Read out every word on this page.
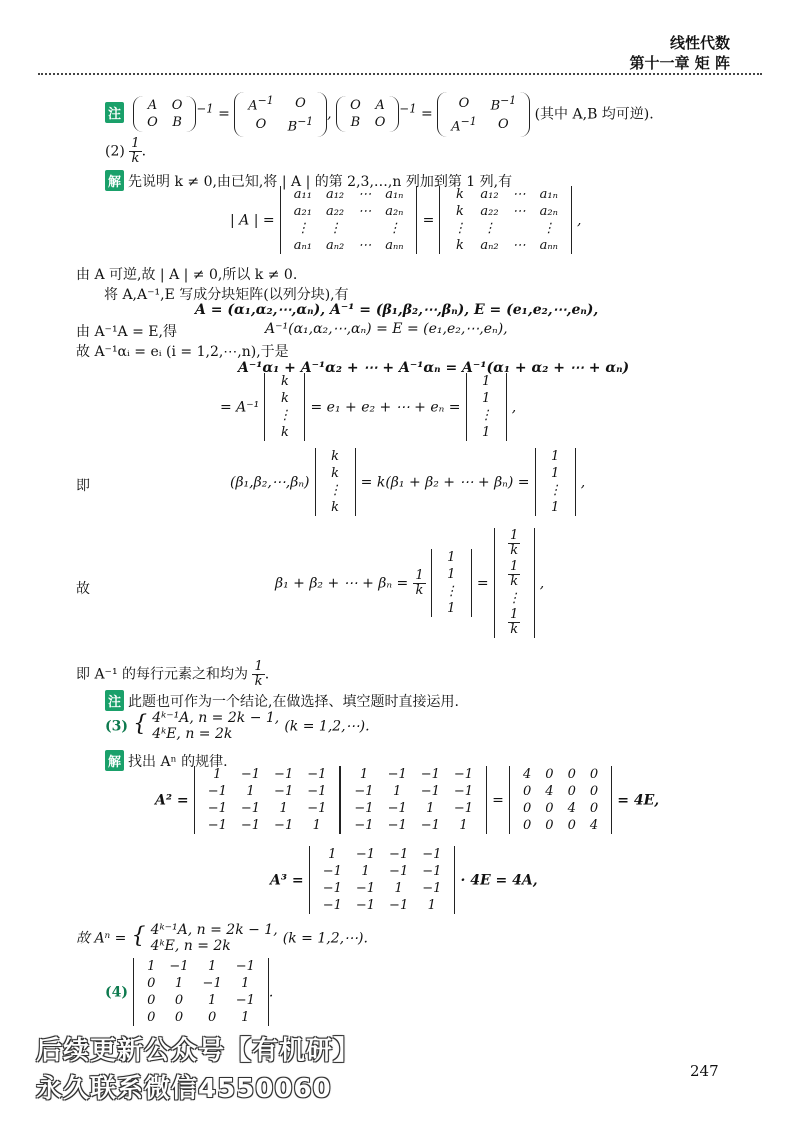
线性代数
第十一章 矩 阵
注
A	O
O	B
$^{-1}$ =
$A^{-1}$	O
O	$B^{-1}$ ,
O	A
B	O
$^{-1}$ =
O	$B^{-1}$
$A^{-1}$	O
(其中 A,B 均可逆).
$(2) \frac{1}{k}$ .
解 先说明 k ≠ 0,由已知,将 | A | 的第 2,3,…,n 列加到第 1 列,有
| A | =
a₁₁	a₁₂	⋯	a₁ₙ
a₂₁	a₂₂	⋯	a₂ₙ
⋮	⋮		⋮
aₙ₁	aₙ₂	⋯	aₙₙ
=
k	a₁₂	⋯	a₁ₙ
k	a₂₂	⋯	a₂ₙ
⋮	⋮		⋮
k	aₙ₂	⋯	aₙₙ
,
由 A 可逆,故 | A | ≠ 0,所以 k ≠ 0.
将 A,A⁻¹,E 写成分块矩阵(以列分块),有
A = (α₁,α₂,⋯,αₙ), A⁻¹ = (β₁,β₂,⋯,βₙ), E = (e₁,e₂,⋯,eₙ),
由 A⁻¹A = E,得	A⁻¹(α₁,α₂,⋯,αₙ) = E = (e₁,e₂,⋯,eₙ),
故 A⁻¹αᵢ = eᵢ (i = 1,2,⋯,n),于是
A⁻¹α₁ + A⁻¹α₂ + ⋯ + A⁻¹αₙ = A⁻¹(α₁ + α₂ + ⋯ + αₙ)
= A⁻¹
k
k
⋮
k
= e₁ + e₂ + ⋯ + eₙ =
1
1
⋮
1
,
即	(β₁,β₂,⋯,βₙ)
k
k
⋮
k
= k(β₁ + β₂ + ⋯ + βₙ) =
1
1
⋮
1
,
故	β₁ + β₂ + ⋯ + $\beta_n = \frac{1}{k}$

1
1
⋮
1
=
$\frac{1}{k}$

$\frac{1}{k}$

⋮

$\frac{1}{k}$
,
即 A⁻¹ 的每行元素之和均为 $\frac{1}{k}$ .
注 此题也可作为一个结论,在做选择、填空题时直接运用.
(3) { 4ᵏ⁻¹A, n = 2k − 1,
4ᵏE, n = 2k	(k = 1,2,⋯).
解 找出 Aⁿ 的规律.
A² =
1	−1	−1	−1
−1	1	−1	−1
−1	−1	1	−1
−1	−1	−1	1
1	−1	−1	−1
−1	1	−1	−1
−1	−1	1	−1
−1	−1	−1	1
=
4	0	0	0
0	4	0	0
0	0	4	0
0	0	0	4
= 4E,
A³ =
1	−1	−1	−1
−1	1	−1	−1
−1	−1	1	−1
−1	−1	−1	1
· 4E = 4A,
故 Aⁿ = { 4ᵏ⁻¹A, n = 2k − 1,
4ᵏE, n = 2k	(k = 1,2,⋯).
(4)
1	−1	1	−1
0	1	−1	1
0	0	1	−1
0	0	0	1
.
247
后续更新公众号【有机研】
永久联系微信4550060
